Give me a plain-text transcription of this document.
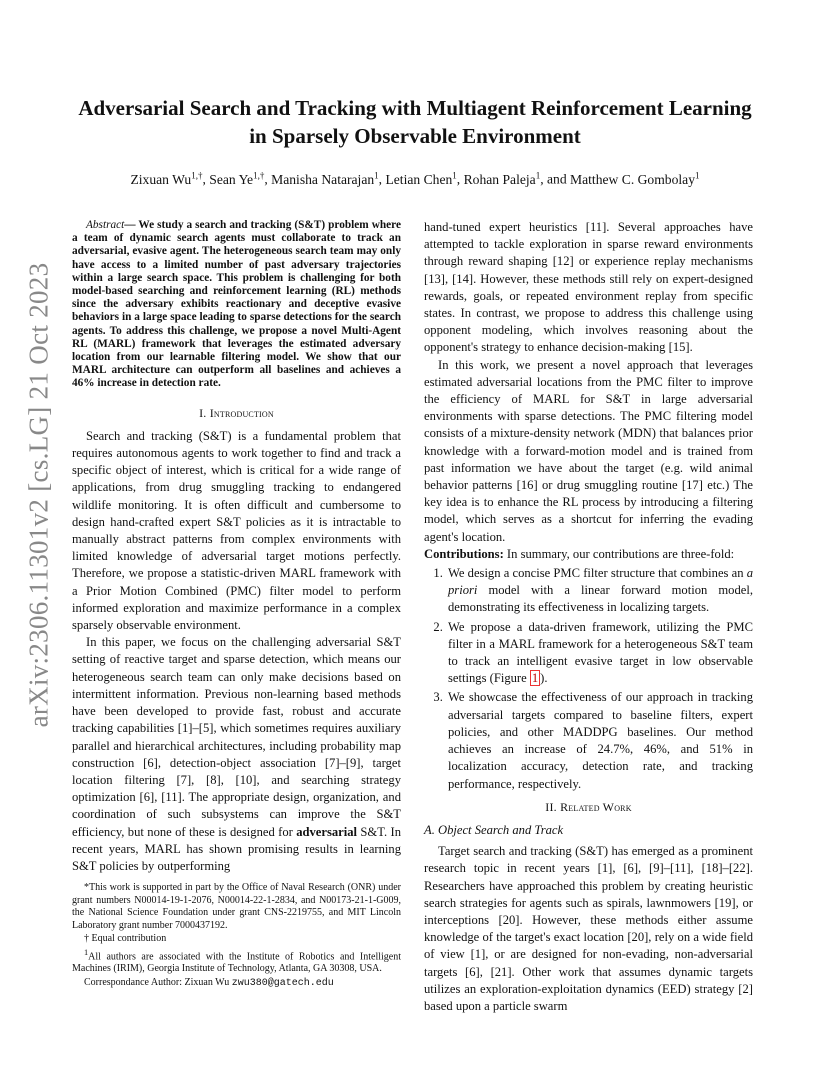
arXiv:2306.11301v2 [cs.LG] 21 Oct 2023
Adversarial Search and Tracking with Multiagent Reinforcement Learning in Sparsely Observable Environment
Zixuan $Wu^{1,\dagger}$, Sean $Ye^{1,\dagger}$, Manisha Natarajan$^1$, Letian Chen$^1$, Rohan Paleja$^1$, and Matthew C. Gombolay$^1$

Abstract— We study a search and tracking (S&T) problem where a team of dynamic search agents must collaborate to track an adversarial, evasive agent. The heterogeneous search team may only have access to a limited number of past adversary trajectories within a large search space. This problem is challenging for both model-based searching and reinforcement learning (RL) methods since the adversary exhibits reactionary and deceptive evasive behaviors in a large space leading to sparse detections for the search agents. To address this challenge, we propose a novel Multi-Agent RL (MARL) framework that leverages the estimated adversary location from our learnable filtering model. We show that our MARL architecture can outperform all baselines and achieves a 46% increase in detection rate.

I. Introduction

Search and tracking (S&T) is a fundamental problem that requires autonomous agents to work together to find and track a specific object of interest, which is critical for a wide range of applications, from drug smuggling tracking to endangered wildlife monitoring. It is often difficult and cumbersome to design hand-crafted expert S&T policies as it is intractable to manually abstract patterns from complex environments with limited knowledge of adversarial target motions perfectly. Therefore, we propose a statistic-driven MARL framework with a Prior Motion Combined (PMC) filter model to perform informed exploration and maximize performance in a complex sparsely observable environment.

In this paper, we focus on the challenging adversarial S&T setting of reactive target and sparse detection, which means our heterogeneous search team can only make decisions based on intermittent information. Previous non-learning based methods have been developed to provide fast, robust and accurate tracking capabilities [1]–[5], which sometimes requires auxiliary parallel and hierarchical architectures, including probability map construction [6], detection-object association [7]–[9], target location filtering [7], [8], [10], and searching strategy optimization [6], [11]. The appropriate design, organization, and coordination of such subsystems can improve the S&T efficiency, but none of these is designed for adversarial S&T. In recent years, MARL has shown promising results in learning S&T policies by outperforming

hand-tuned expert heuristics [11]. Several approaches have attempted to tackle exploration in sparse reward environments through reward shaping [12] or experience replay mechanisms [13], [14]. However, these methods still rely on expert-designed rewards, goals, or repeated environment replay from specific states. In contrast, we propose to address this challenge using opponent modeling, which involves reasoning about the opponent's strategy to enhance decision-making [15].

In this work, we present a novel approach that leverages estimated adversarial locations from the PMC filter to improve the efficiency of MARL for S&T in large adversarial environments with sparse detections. The PMC filtering model consists of a mixture-density network (MDN) that balances prior knowledge with a forward-motion model and is trained from past information we have about the target (e.g. wild animal behavior patterns [16] or drug smuggling routine [17] etc.) The key idea is to enhance the RL process by introducing a filtering model, which serves as a shortcut for inferring the evading agent's location.

Contributions: In summary, our contributions are three-fold:

1. We design a concise PMC filter structure that combines an a priori model with a linear forward motion model, demonstrating its effectiveness in localizing targets.
2. We propose a data-driven framework, utilizing the PMC filter in a MARL framework for a heterogeneous S&T team to track an intelligent evasive target in low observable settings (Figure 1 ).
3. We showcase the effectiveness of our approach in tracking adversarial targets compared to baseline filters, expert policies, and other MADDPG baselines. Our method achieves an increase of 24.7%, 46%, and 51% in localization accuracy, detection rate, and tracking performance, respectively.
II. Related Work
A. Object Search and Track

Target search and tracking (S&T) has emerged as a prominent research topic in recent years [1], [6], [9]–[11], [18]–[22]. Researchers have approached this problem by creating heuristic search strategies for agents such as spirals, lawnmowers [19], or interceptions [20]. However, these methods either assume knowledge of the target's exact location [20], rely on a wide field of view [1], or are designed for non-evading, non-adversarial targets [6], [21]. Other work that assumes dynamic targets utilizes an exploration-exploitation dynamics (EED) strategy [2] based upon a particle swarm

*This work is supported in part by the Office of Naval Research (ONR) under grant numbers N00014-19-1-2076, N00014-22-1-2834, and N00173-21-1-G009, the National Science Foundation under grant CNS-2219755, and MIT Lincoln Laboratory grant number 7000437192.

† Equal contribution

$^1$All authors are associated with the Institute of Robotics and Intelligent Machines (IRIM), Georgia Institute of Technology, Atlanta, GA 30308, USA.

Correspondance Author: Zixuan Wu zwu380@gatech.edu
